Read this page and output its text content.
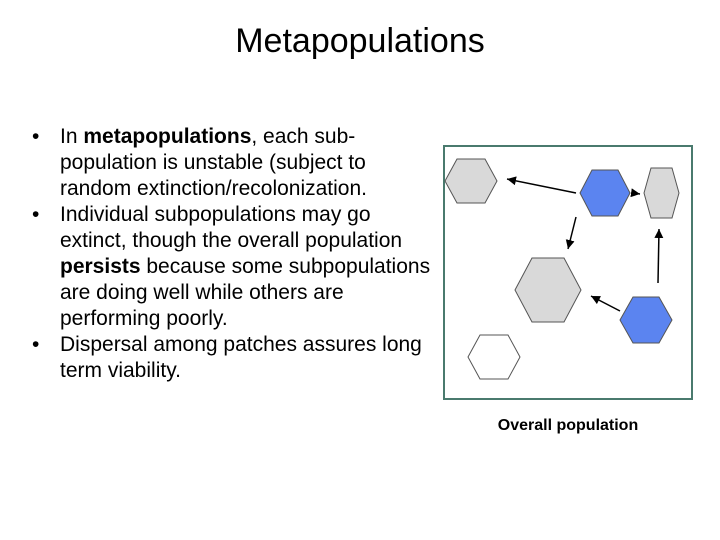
Metapopulations
• In metapopulations, each sub-population is unstable (subject to random extinction/recolonization.
• Individual subpopulations may go extinct, though the overall population persists because some subpopulations are doing well while others are performing poorly.
• Dispersal among patches assures long term viability.
Overall population
